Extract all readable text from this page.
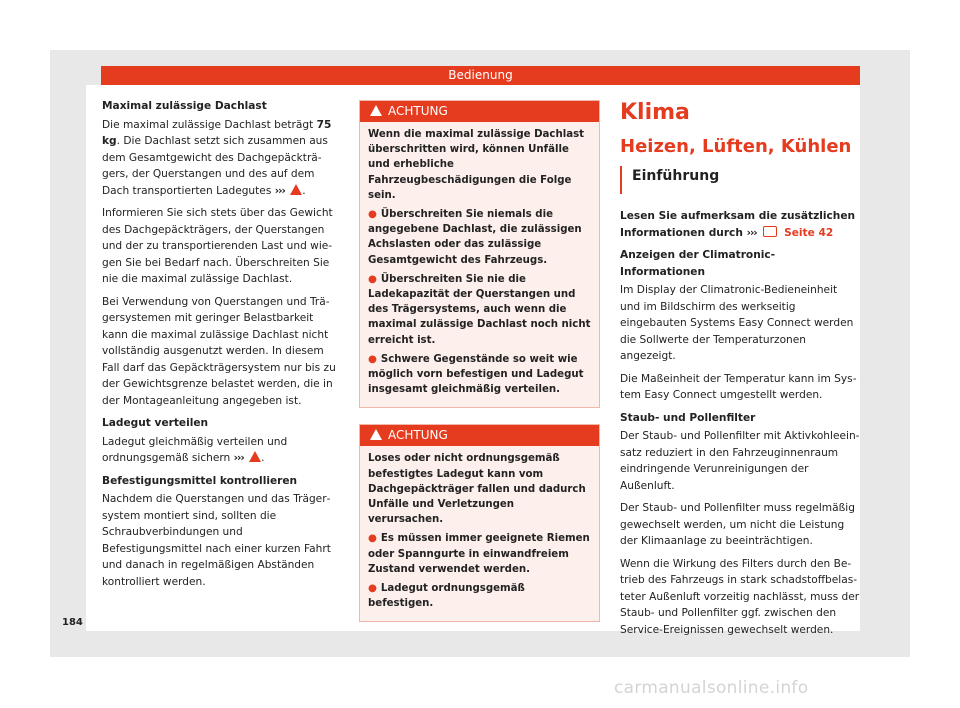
Bedienung
Maximal zulässige Dachlast

Die maximal zulässige Dachlast beträgt 75 kg. Die Dachlast setzt sich zusammen aus dem Gesamtgewicht des Dachgepäckträgers, der Querstangen und des auf dem Dach transportierten Ladegutes ››› .

Informieren Sie sich stets über das Gewicht des Dachgepäckträgers, der Querstangen und der zu transportierenden Last und wiegen Sie bei Bedarf nach. Überschreiten Sie nie die maximal zulässige Dachlast.

Bei Verwendung von Querstangen und Trägersystemen mit geringer Belastbarkeit kann die maximal zulässige Dachlast nicht vollständig ausgenutzt werden. In diesem Fall darf das Gepäckträgersystem nur bis zu der Gewichtsgrenze belastet werden, die in der Montageanleitung angegeben ist.

Ladegut verteilen

Ladegut gleichmäßig verteilen und ordnungsgemäß sichern ››› .

Befestigungsmittel kontrollieren

Nachdem die Querstangen und das Trägersystem montiert sind, sollten die Schraubverbindungen und Befestigungsmittel nach einer kurzen Fahrt und danach in regelmäßigen Abständen kontrolliert werden.

ACHTUNG

Wenn die maximal zulässige Dachlast überschritten wird, können Unfälle und erhebliche Fahrzeugbeschädigungen die Folge sein.

● Überschreiten Sie niemals die angegebene Dachlast, die zulässigen Achslasten oder das zulässige Gesamtgewicht des Fahrzeugs.

● Überschreiten Sie nie die Ladekapazität der Querstangen und des Trägersystems, auch wenn die maximal zulässige Dachlast noch nicht erreicht ist.

● Schwere Gegenstände so weit wie möglich vorn befestigen und Ladegut insgesamt gleichmäßig verteilen.

ACHTUNG

Loses oder nicht ordnungsgemäß befestigtes Ladegut kann vom Dachgepäckträger fallen und dadurch Unfälle und Verletzungen verursachen.

● Es müssen immer geeignete Riemen oder Spanngurte in einwandfreiem Zustand verwendet werden.

● Ladegut ordnungsgemäß befestigen.

Klima
Heizen, Lüften, Kühlen
Einführung

Lesen Sie aufmerksam die zusätzlichen Informationen durch ›››	Seite 42

Anzeigen der Climatronic-Informationen

Im Display der Climatronic-Bedieneinheit und im Bildschirm des werkseitig eingebauten Systems Easy Connect werden die Sollwerte der Temperaturzonen angezeigt.

Die Maßeinheit der Temperatur kann im System Easy Connect umgestellt werden.

Staub- und Pollenfilter

Der Staub- und Pollenfilter mit Aktivkohleeinsatz reduziert in den Fahrzeuginnenraum eindringende Verunreinigungen der Außenluft.

Der Staub- und Pollenfilter muss regelmäßig gewechselt werden, um nicht die Leistung der Klimaanlage zu beeinträchtigen.

Wenn die Wirkung des Filters durch den Betrieb des Fahrzeugs in stark schadstoffbelasteter Außenluft vorzeitig nachlässt, muss der Staub- und Pollenfilter ggf. zwischen den Service-Ereignissen gewechselt werden.

184
carmanualsonline.info
